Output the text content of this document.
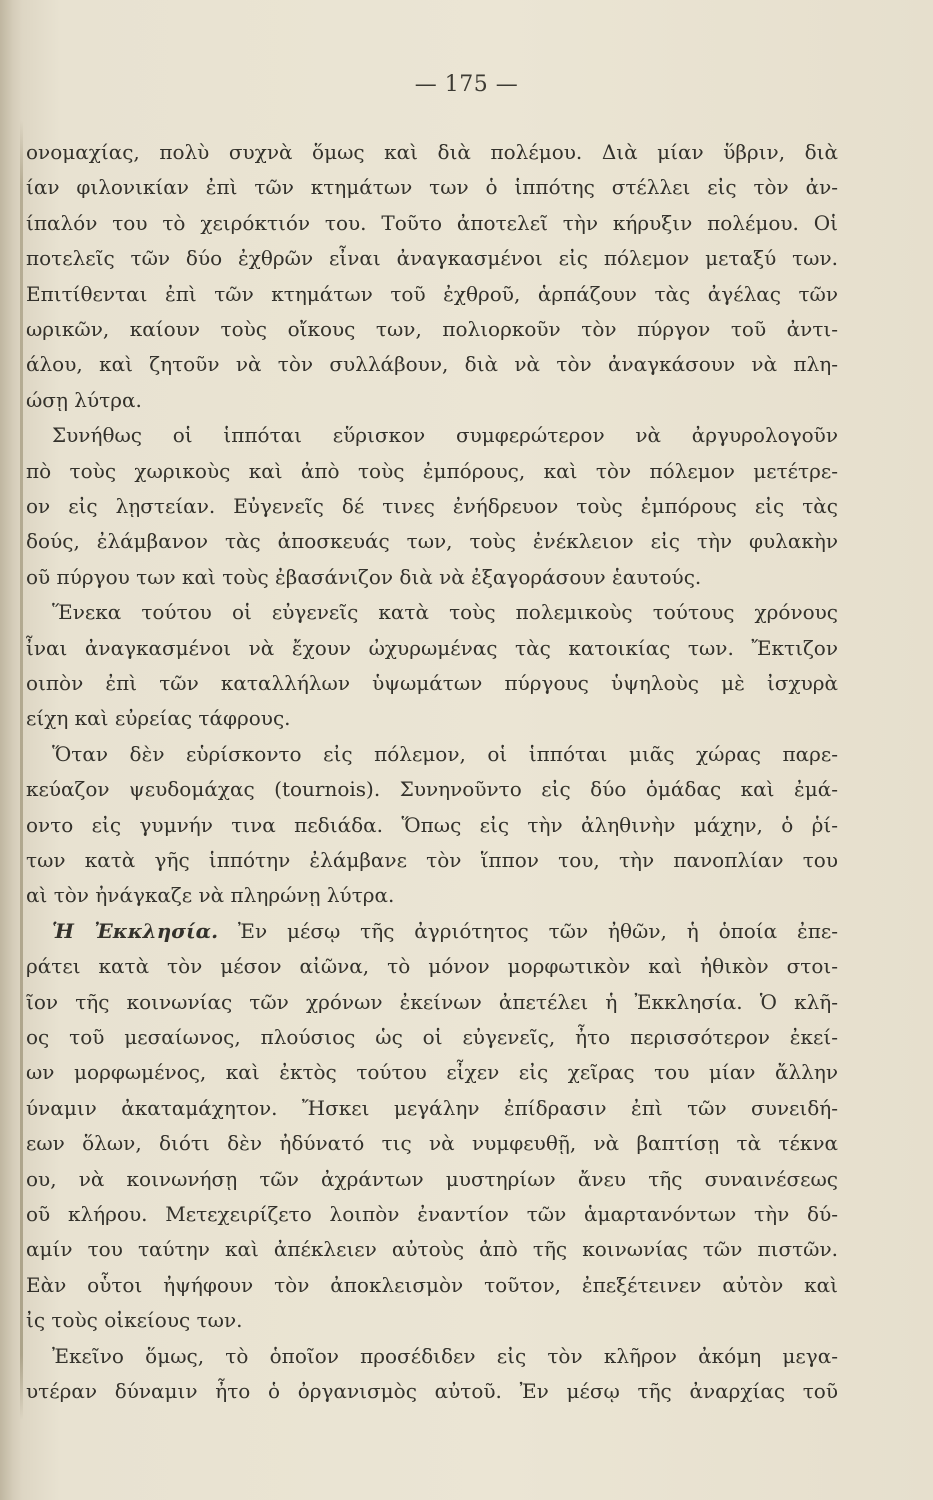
— 175 —
ονομαχίας, πολὺ συχνὰ ὅμως καὶ διὰ πολέμου. Διὰ μίαν ὕβριν, διὰ
ίαν φιλονικίαν ἐπὶ τῶν κτημάτων των ὁ ἱππότης στέλλει εἰς τὸν ἀν-
ίπαλόν του τὸ χειρόκτιόν του. Τοῦτο ἀποτελεῖ τὴν κήρυξιν πολέμου. Οἱ
ποτελεῖς τῶν δύο ἐχθρῶν εἶναι ἀναγκασμένοι εἰς πόλεμον μεταξύ των.
Επιτίθενται ἐπὶ τῶν κτημάτων τοῦ ἐχθροῦ, ἁρπάζουν τὰς ἀγέλας τῶν
ωρικῶν, καίουν τοὺς οἴκους των, πολιορκοῦν τὸν πύργον τοῦ ἀντι-
άλου, καὶ ζητοῦν νὰ τὸν συλλάβουν, διὰ νὰ τὸν ἀναγκάσουν νὰ πλη-
ώσῃ λύτρα.
Συνήθως οἱ ἱππόται εὕρισκον συμφερώτερον νὰ ἀργυρολογοῦν
πὸ τοὺς χωρικοὺς καὶ ἀπὸ τοὺς ἐμπόρους, καὶ τὸν πόλεμον μετέτρε-
ον εἰς λῃστείαν. Εὐγενεῖς δέ τινες ἐνήδρευον τοὺς ἐμπόρους εἰς τὰς
δούς, ἐλάμβανον τὰς ἀποσκευάς των, τοὺς ἐνέκλειον εἰς τὴν φυλακὴν
οῦ πύργου των καὶ τοὺς ἐβασάνιζον διὰ νὰ ἐξαγοράσουν ἑαυτούς.
Ἕνεκα τούτου οἱ εὐγενεῖς κατὰ τοὺς πολεμικοὺς τούτους χρόνους
ἶναι ἀναγκασμένοι νὰ ἔχουν ὠχυρωμένας τὰς κατοικίας των. Ἔκτιζον
οιπὸν ἐπὶ τῶν καταλλήλων ὑψωμάτων πύργους ὑψηλοὺς μὲ ἰσχυρὰ
είχη καὶ εὐρείας τάφρους.
Ὅταν δὲν εὑρίσκοντο εἰς πόλεμον, οἱ ἱππόται μιᾶς χώρας παρε-
κεύαζον ψευδομάχας (tournois). Συνηνοῦντο εἰς δύο ὁμάδας καὶ ἐμά-
οντο εἰς γυμνήν τινα πεδιάδα. Ὅπως εἰς τὴν ἀληθινὴν μάχην, ὁ ῥί-
των κατὰ γῆς ἱππότην ἐλάμβανε τὸν ἵππον του, τὴν πανοπλίαν του
αὶ τὸν ἠνάγκαζε νὰ πληρώνῃ λύτρα.
Ἡ Ἐκκλησία. Ἐν μέσῳ τῆς ἀγριότητος τῶν ἠθῶν, ἡ ὁποία ἐπε-
ράτει κατὰ τὸν μέσον αἰῶνα, τὸ μόνον μορφωτικὸν καὶ ἠθικὸν στοι-
ῖον τῆς κοινωνίας τῶν χρόνων ἐκείνων ἀπετέλει ἡ Ἐκκλησία. Ὁ κλῆ-
ος τοῦ μεσαίωνος, πλούσιος ὡς οἱ εὐγενεῖς, ἦτο περισσότερον ἐκεί-
ων μορφωμένος, καὶ ἐκτὸς τούτου εἶχεν εἰς χεῖρας του μίαν ἄλλην
ύναμιν ἀκαταμάχητον. Ἤσκει μεγάλην ἐπίδρασιν ἐπὶ τῶν συνειδή-
εων ὅλων, διότι δὲν ἠδύνατό τις νὰ νυμφευθῇ, νὰ βαπτίσῃ τὰ τέκνα
ου, νὰ κοινωνήσῃ τῶν ἀχράντων μυστηρίων ἄνευ τῆς συναινέσεως
οῦ κλήρου. Μετεχειρίζετο λοιπὸν ἐναντίον τῶν ἁμαρτανόντων τὴν δύ-
αμίν του ταύτην καὶ ἀπέκλειεν αὐτοὺς ἀπὸ τῆς κοινωνίας τῶν πιστῶν.
Εὰν οὗτοι ἠψήφουν τὸν ἀποκλεισμὸν τοῦτον, ἐπεξέτεινεν αὐτὸν καὶ
ἰς τοὺς οἰκείους των.
Ἐκεῖνο ὅμως, τὸ ὁποῖον προσέδιδεν εἰς τὸν κλῆρον ἀκόμη μεγα-
υτέραν δύναμιν ἦτο ὁ ὀργανισμὸς αὐτοῦ. Ἐν μέσῳ τῆς ἀναρχίας τοῦ
